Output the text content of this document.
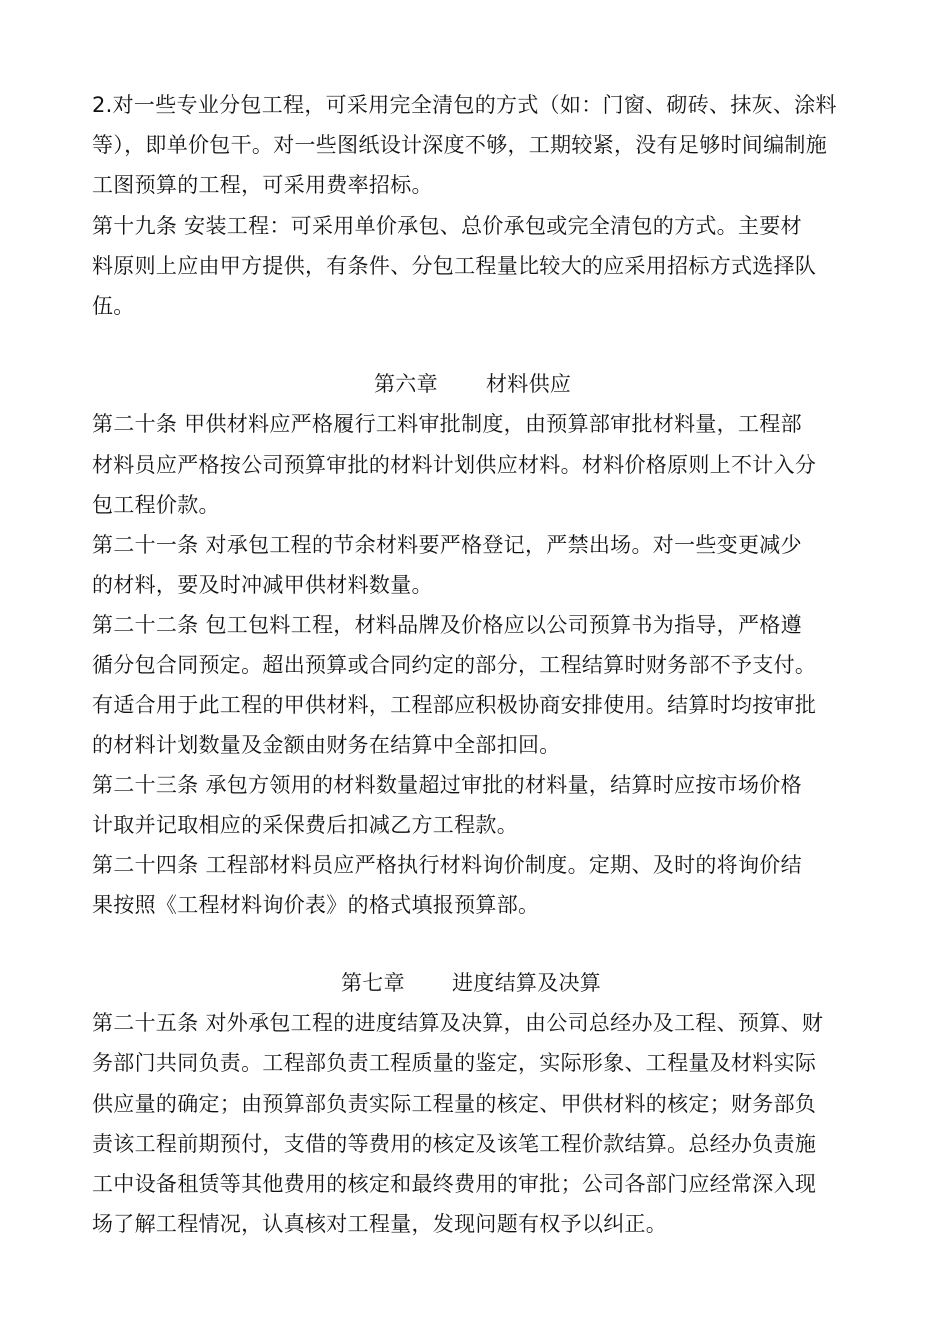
2.对一些专业分包工程，可采用完全清包的方式（如：门窗、砌砖、抹灰、涂料
等），即单价包干。对一些图纸设计深度不够，工期较紧，没有足够时间编制施
工图预算的工程，可采用费率招标。
第十九条 安装工程：可采用单价承包、总价承包或完全清包的方式。主要材
料原则上应由甲方提供，有条件、分包工程量比较大的应采用招标方式选择队
伍。
第六章 材料供应
第二十条 甲供材料应严格履行工料审批制度，由预算部审批材料量，工程部
材料员应严格按公司预算审批的材料计划供应材料。材料价格原则上不计入分
包工程价款。
第二十一条 对承包工程的节余材料要严格登记，严禁出场。对一些变更减少
的材料，要及时冲减甲供材料数量。
第二十二条 包工包料工程，材料品牌及价格应以公司预算书为指导，严格遵
循分包合同预定。超出预算或合同约定的部分，工程结算时财务部不予支付。
有适合用于此工程的甲供材料，工程部应积极协商安排使用。结算时均按审批
的材料计划数量及金额由财务在结算中全部扣回。
第二十三条 承包方领用的材料数量超过审批的材料量，结算时应按市场价格
计取并记取相应的采保费后扣减乙方工程款。
第二十四条 工程部材料员应严格执行材料询价制度。定期、及时的将询价结
果按照《工程材料询价表》的格式填报预算部。
第七章 进度结算及决算
第二十五条 对外承包工程的进度结算及决算，由公司总经办及工程、预算、财
务部门共同负责。工程部负责工程质量的鉴定，实际形象、工程量及材料实际
供应量的确定；由预算部负责实际工程量的核定、甲供材料的核定；财务部负
责该工程前期预付，支借的等费用的核定及该笔工程价款结算。总经办负责施
工中设备租赁等其他费用的核定和最终费用的审批；公司各部门应经常深入现
场了解工程情况，认真核对工程量，发现问题有权予以纠正。
